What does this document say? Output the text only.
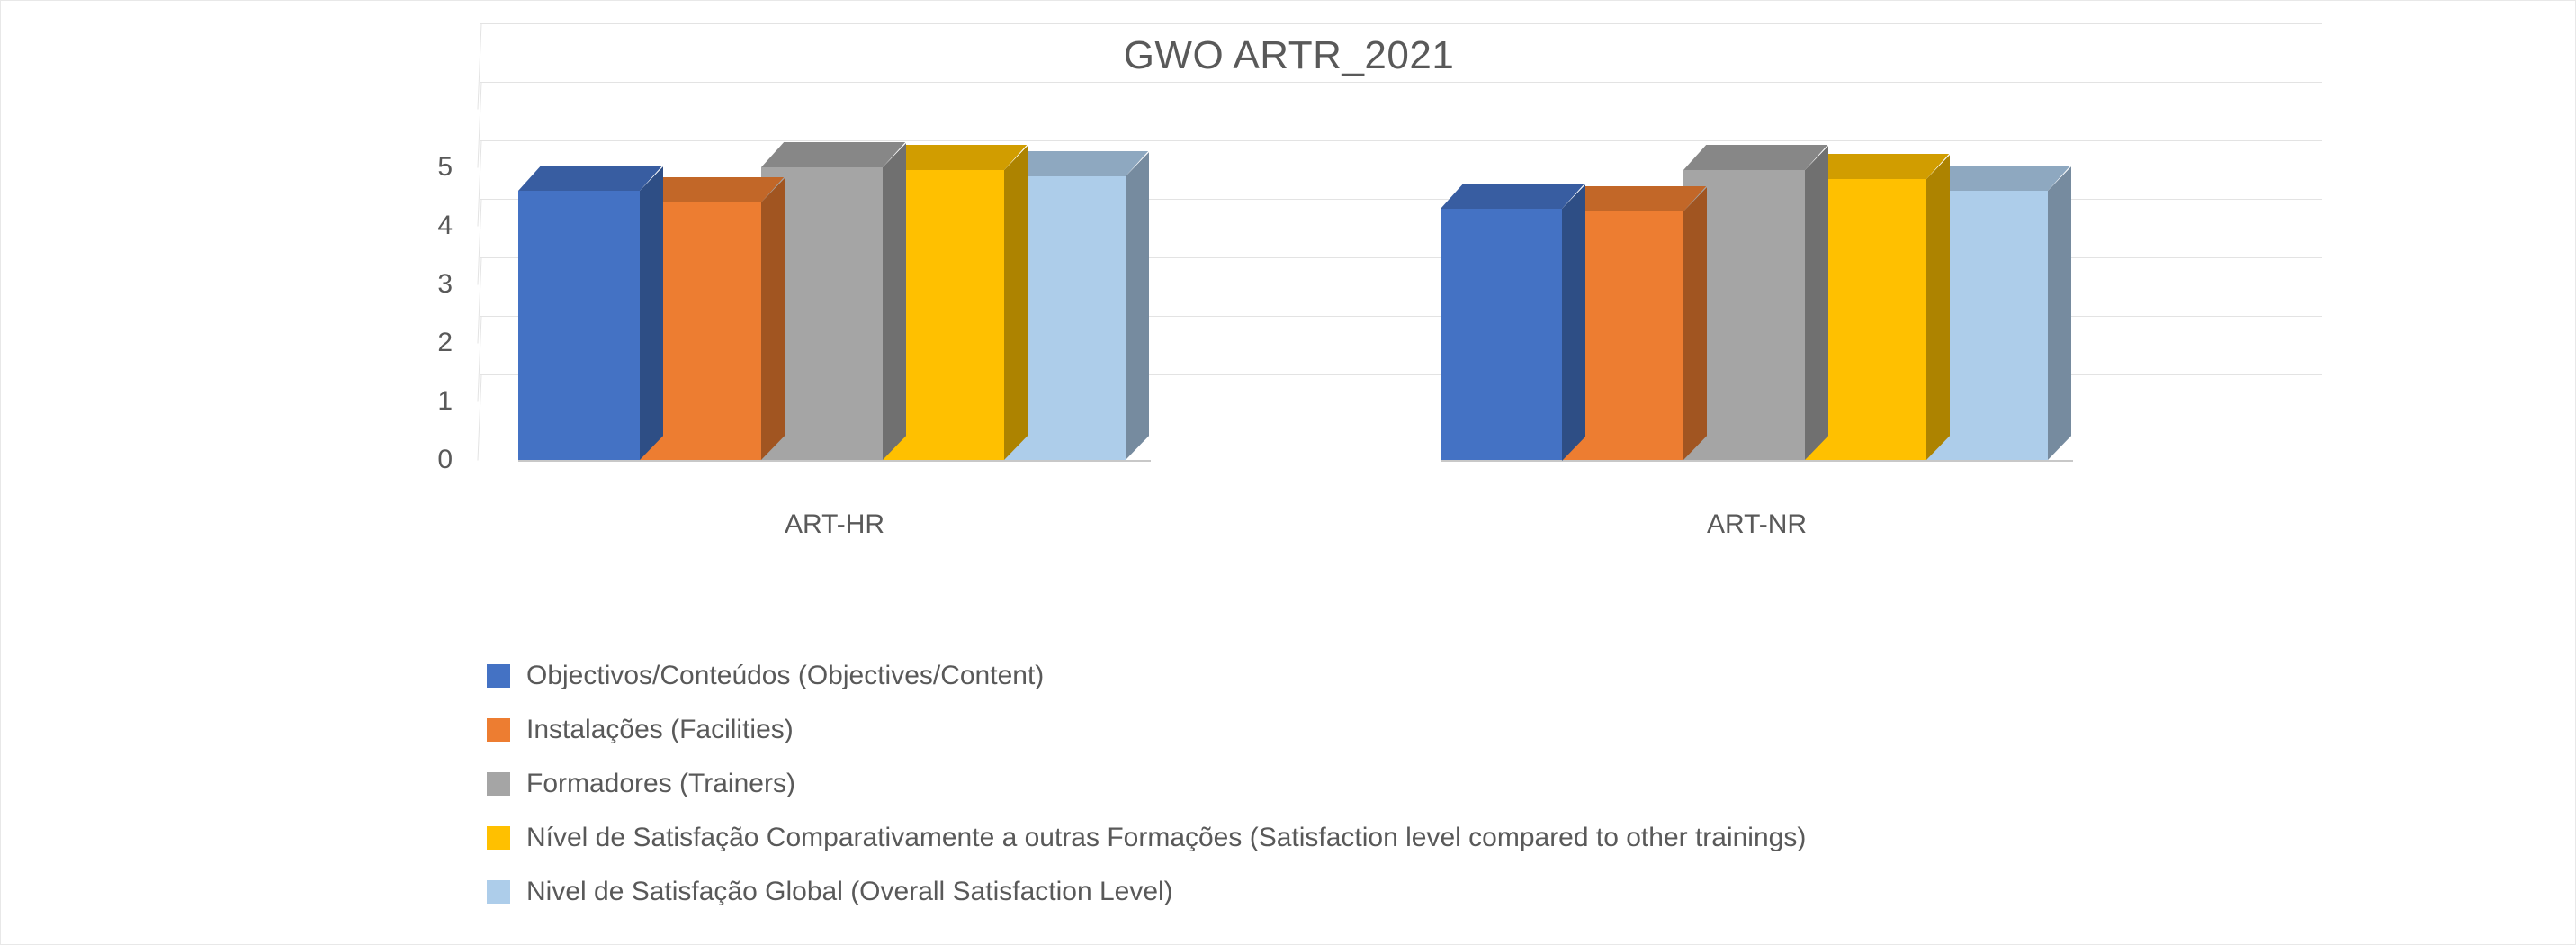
GWO ARTR_2021
0
1
2
3
4
5
ART-HR	ART-NR
Objectivos/Conteúdos (Objectives/Content)
Instalações (Facilities)
Formadores (Trainers)
Nível de Satisfação Comparativamente a outras Formações (Satisfaction level compared to other trainings)
Nivel de Satisfação Global (Overall Satisfaction Level)
